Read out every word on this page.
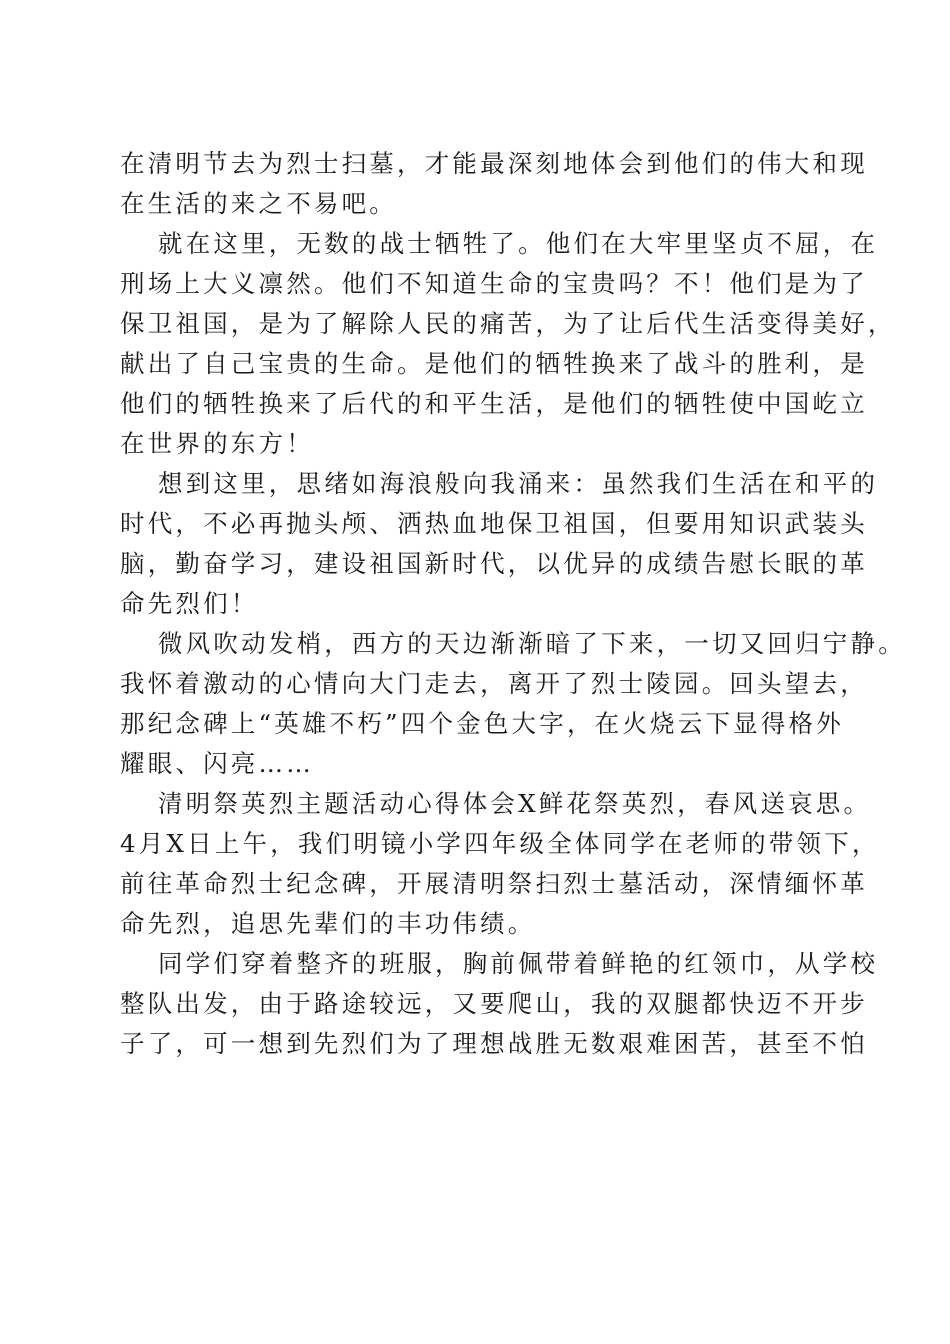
在清明节去为烈士扫墓，才能最深刻地体会到他们的伟大和现
在生活的来之不易吧。
就在这里，无数的战士牺牲了。他们在大牢里坚贞不屈，在
刑场上大义凛然。他们不知道生命的宝贵吗？不！他们是为了
保卫祖国，是为了解除人民的痛苦，为了让后代生活变得美好，
献出了自己宝贵的生命。是他们的牺牲换来了战斗的胜利，是
他们的牺牲换来了后代的和平生活，是他们的牺牲使中国屹立
在世界的东方！
想到这里，思绪如海浪般向我涌来：虽然我们生活在和平的
时代，不必再抛头颅、洒热血地保卫祖国，但要用知识武装头
脑，勤奋学习，建设祖国新时代，以优异的成绩告慰长眠的革
命先烈们！
微风吹动发梢，西方的天边渐渐暗了下来，一切又回归宁静。
我怀着激动的心情向大门走去，离开了烈士陵园。回头望去，
那纪念碑上“英雄不朽”四个金色大字，在火烧云下显得格外
耀眼、闪亮……
清明祭英烈主题活动心得体会X鲜花祭英烈，春风送哀思。
4月X日上午，我们明镜小学四年级全体同学在老师的带领下，
前往革命烈士纪念碑，开展清明祭扫烈士墓活动，深情缅怀革
命先烈，追思先辈们的丰功伟绩。
同学们穿着整齐的班服，胸前佩带着鲜艳的红领巾，从学校
整队出发，由于路途较远，又要爬山，我的双腿都快迈不开步
子了，可一想到先烈们为了理想战胜无数艰难困苦，甚至不怕
